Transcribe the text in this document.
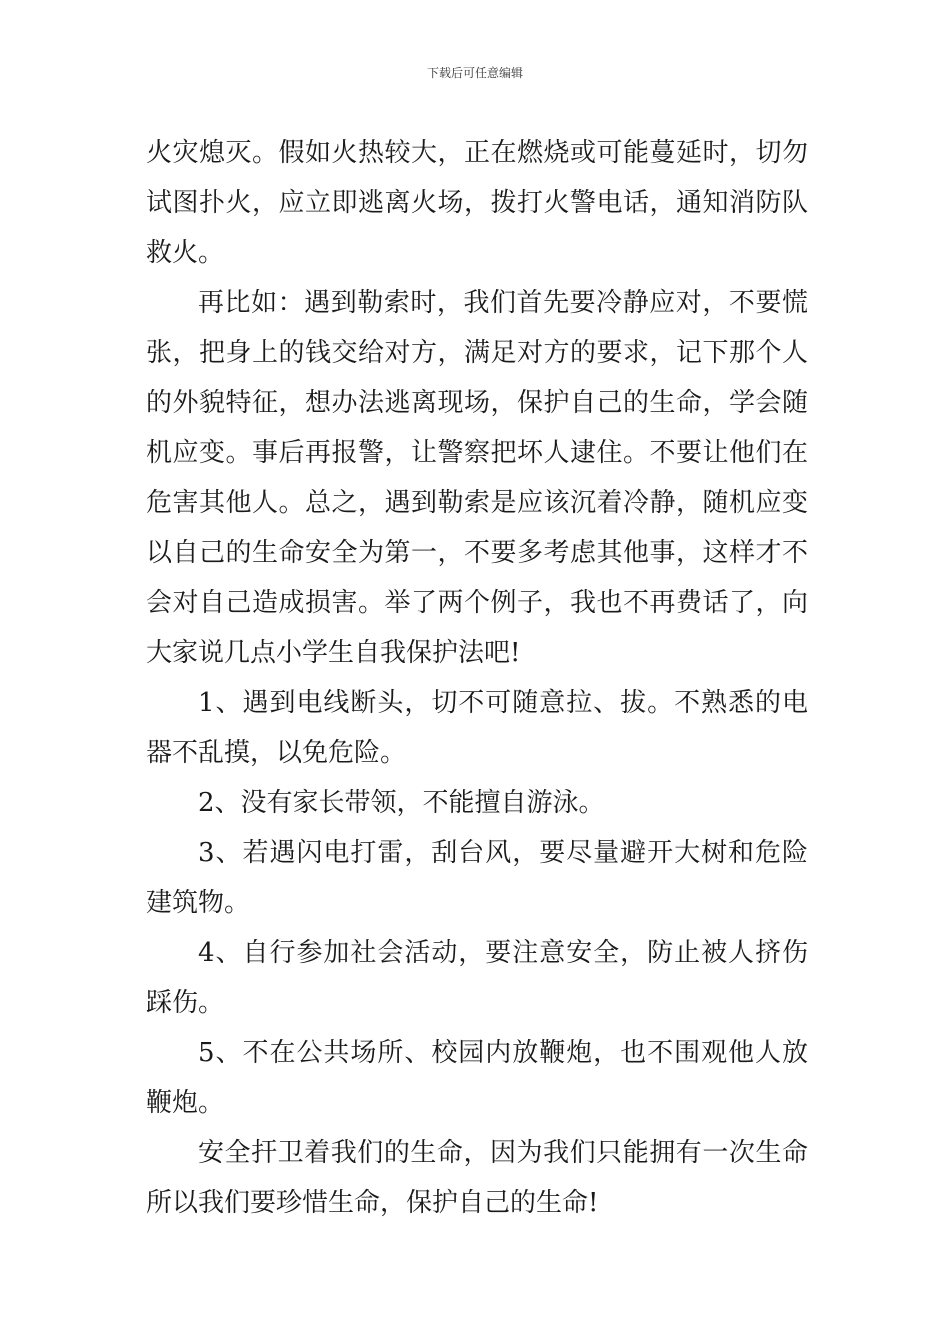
下载后可任意编辑

火灾熄灭。假如火热较大，正在燃烧或可能蔓延时，切勿试图扑火，应立即逃离火场，拨打火警电话，通知消防队救火。

再比如：遇到勒索时，我们首先要冷静应对，不要慌张，把身上的钱交给对方，满足对方的要求，记下那个人的外貌特征，想办法逃离现场，保护自己的生命，学会随机应变。事后再报警，让警察把坏人逮住。不要让他们在危害其他人。总之，遇到勒索是应该沉着冷静，随机应变以自己的生命安全为第一，不要多考虑其他事，这样才不会对自己造成损害。举了两个例子，我也不再费话了，向大家说几点小学生自我保护法吧!

1、遇到电线断头，切不可随意拉、拔。不熟悉的电器不乱摸，以免危险。

2、没有家长带领，不能擅自游泳。

3、若遇闪电打雷，刮台风，要尽量避开大树和危险建筑物。

4、自行参加社会活动，要注意安全，防止被人挤伤踩伤。

5、不在公共场所、校园内放鞭炮，也不围观他人放鞭炮。

安全扞卫着我们的生命，因为我们只能拥有一次生命所以我们要珍惜生命，保护自己的生命!
